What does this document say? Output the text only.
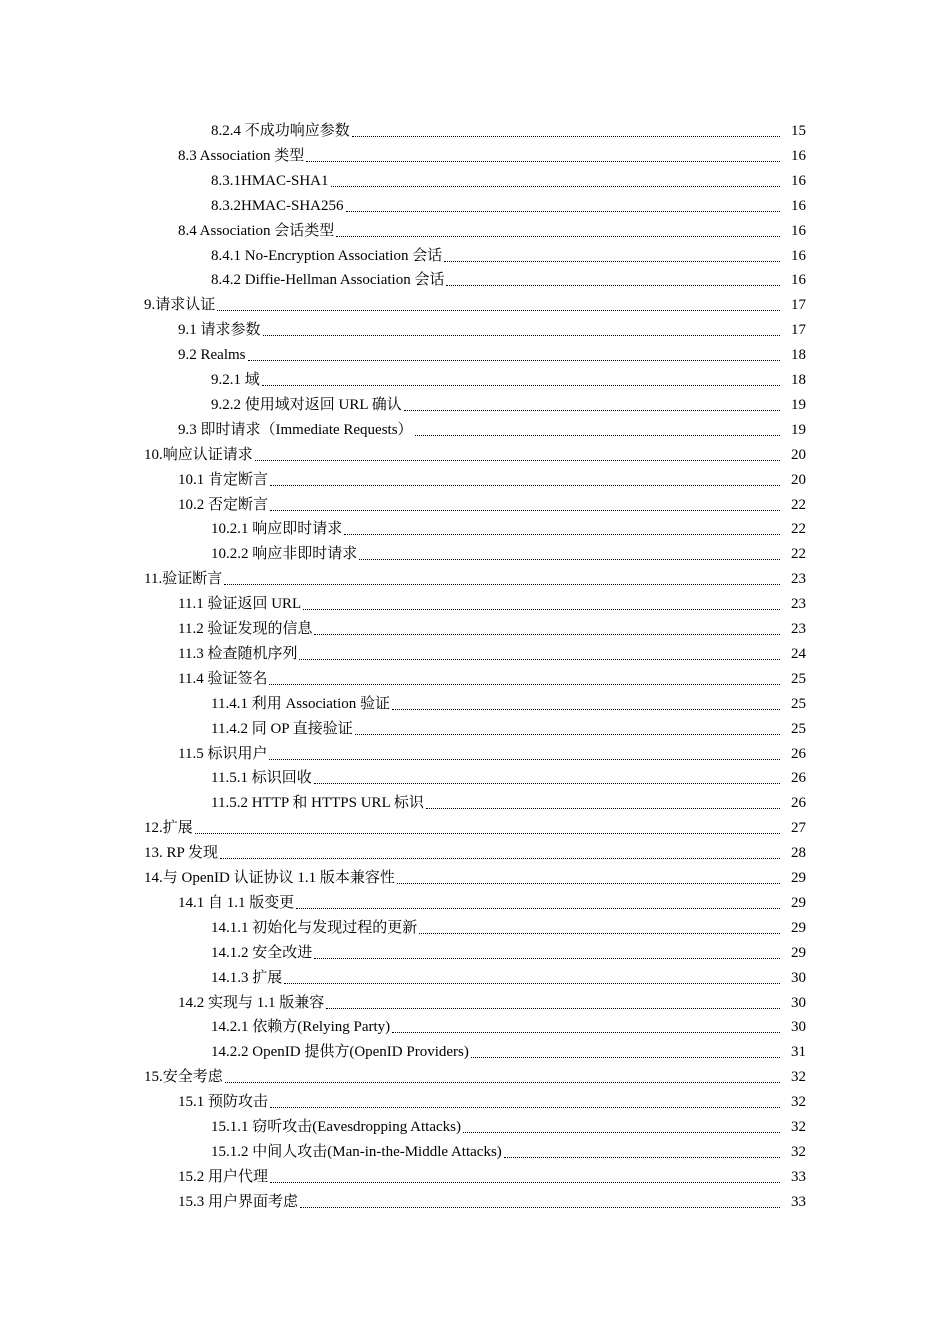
8.2.4 不成功响应参数	15
8.3 Association 类型	16
8.3.1HMAC-SHA1	16
8.3.2HMAC-SHA256	16
8.4 Association 会话类型	16
8.4.1 No-Encryption Association 会话	16
8.4.2 Diffie-Hellman Association 会话	16
9.请求认证	17
9.1 请求参数	17
9.2 Realms	18
9.2.1 域	18
9.2.2 使用域对返回 URL 确认	19
9.3 即时请求（Immediate Requests）	19
10.响应认证请求	20
10.1 肯定断言	20
10.2 否定断言	22
10.2.1 响应即时请求	22
10.2.2 响应非即时请求	22
11.验证断言	23
11.1 验证返回 URL	23
11.2 验证发现的信息	23
11.3 检查随机序列	24
11.4 验证签名	25
11.4.1 利用 Association 验证	25
11.4.2 同 OP 直接验证	25
11.5 标识用户	26
11.5.1 标识回收	26
11.5.2 HTTP 和 HTTPS URL 标识	26
12.扩展	27
13. RP 发现	28
14.与 OpenID 认证协议 1.1 版本兼容性	29
14.1 自 1.1 版变更	29
14.1.1 初始化与发现过程的更新	29
14.1.2 安全改进	29
14.1.3 扩展	30
14.2 实现与 1.1 版兼容	30
14.2.1 依赖方(Relying Party)	30
14.2.2 OpenID 提供方(OpenID Providers)	31
15.安全考虑	32
15.1 预防攻击	32
15.1.1 窃听攻击(Eavesdropping Attacks)	32
15.1.2 中间人攻击(Man-in-the-Middle Attacks)	32
15.2 用户代理	33
15.3 用户界面考虑	33
